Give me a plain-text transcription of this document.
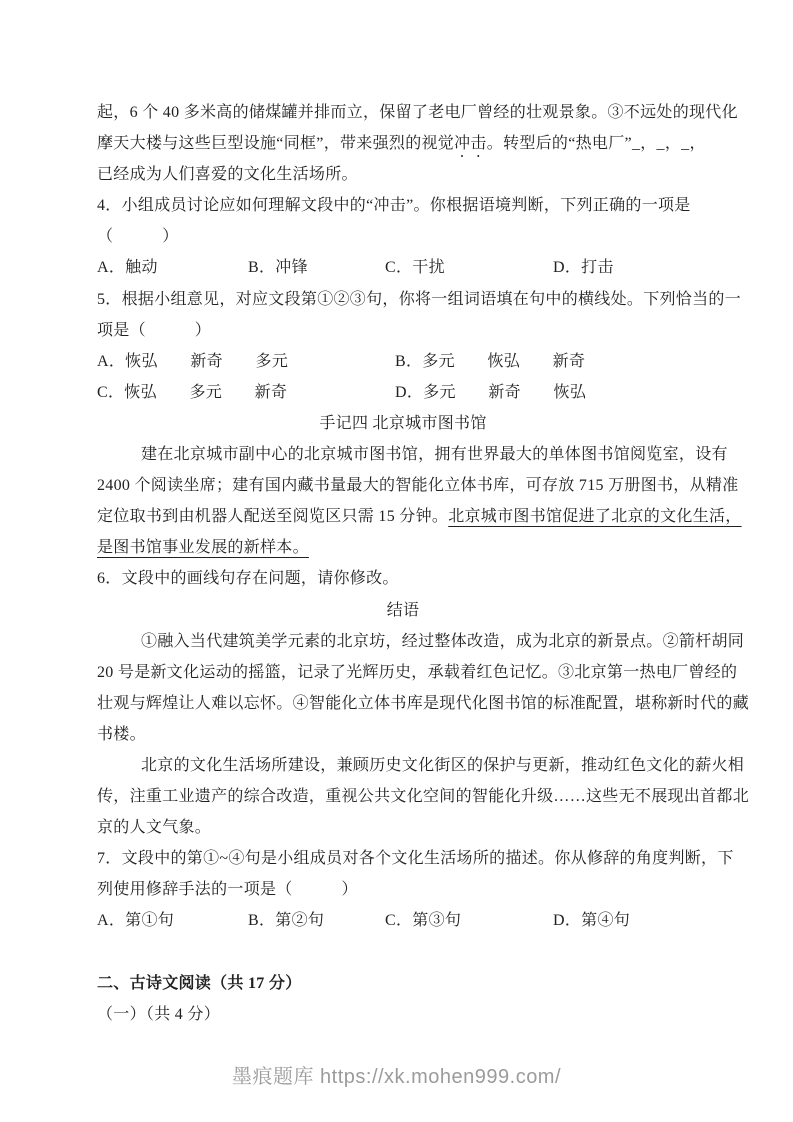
起，6 个 40 多米高的储煤罐并排而立，保留了老电厂曾经的壮观景象。③不远处的现代化
摩天大楼与这些巨型设施“同框”，带来强烈的视觉冲击。转型后的“热电厂”_，_，_，
已经成为人们喜爱的文化生活场所。
4．小组成员讨论应如何理解文段中的“冲击”。你根据语境判断，下列正确的一项是
（　　　）
A．触动	B．冲锋	C．干扰	D．打击
5．根据小组意见，对应文段第①②③句，你将一组词语填在句中的横线处。下列恰当的一
项是（　　　）
A．恢弘　　新奇　　多元	B．多元　　恢弘　　新奇
C．恢弘　　多元　　新奇	D．多元　　新奇　　恢弘
手记四 北京城市图书馆
建在北京城市副中心的北京城市图书馆，拥有世界最大的单体图书馆阅览室，设有
2400 个阅读坐席；建有国内藏书量最大的智能化立体书库，可存放 715 万册图书，从精准
定位取书到由机器人配送至阅览区只需 15 分钟。北京城市图书馆促进了北京的文化生活，
是图书馆事业发展的新样本。
6．文段中的画线句存在问题，请你修改。
结语
①融入当代建筑美学元素的北京坊，经过整体改造，成为北京的新景点。②箭杆胡同
20 号是新文化运动的摇篮，记录了光辉历史，承载着红色记忆。③北京第一热电厂曾经的
壮观与辉煌让人难以忘怀。④智能化立体书库是现代化图书馆的标准配置，堪称新时代的藏
书楼。
北京的文化生活场所建设，兼顾历史文化街区的保护与更新，推动红色文化的薪火相
传，注重工业遗产的综合改造，重视公共文化空间的智能化升级……这些无不展现出首都北
京的人文气象。
7．文段中的第①~④句是小组成员对各个文化生活场所的描述。你从修辞的角度判断，下
列使用修辞手法的一项是（　　　）
A．第①句	B．第②句	C．第③句	D．第④句

二、古诗文阅读（共 17 分）
（一）（共 4 分）
墨痕题库 https://xk.mohen999.com/
